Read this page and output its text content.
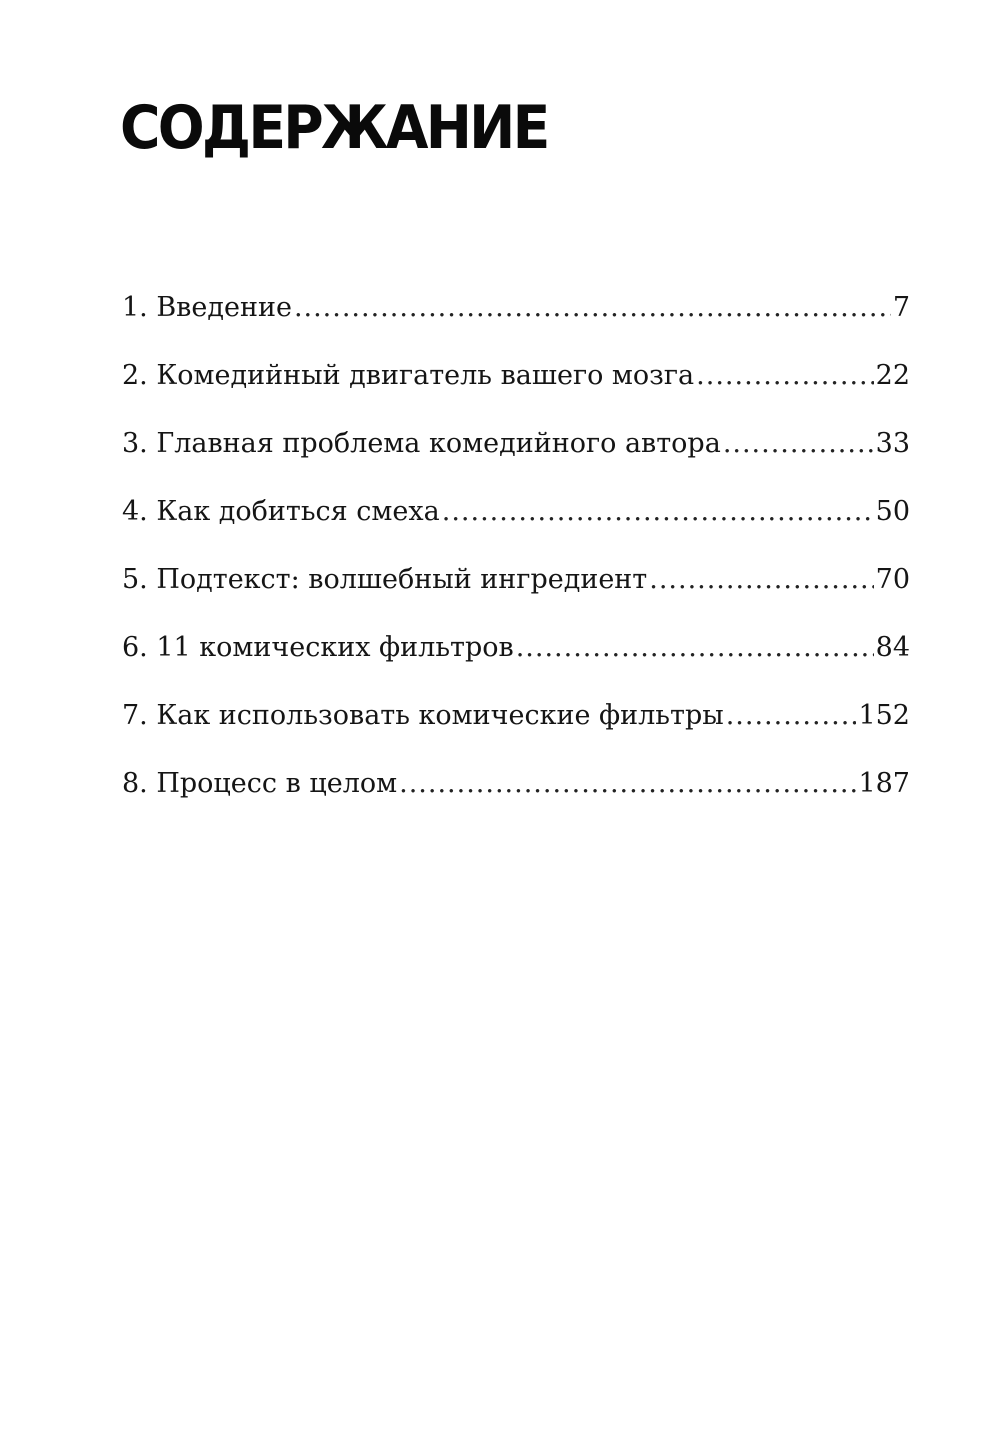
СОДЕРЖАНИЕ
1. Введение .....	7
2. Комедийный двигатель вашего мозга .....	22
3. Главная проблема комедийного автора .....	33
4. Как добиться смеха .....	50
5. Подтекст: волшебный ингредиент .....	70
6. 11 комических фильтров .....	84
7. Как использовать комические фильтры .....	152
8. Процесс в целом .....	187
